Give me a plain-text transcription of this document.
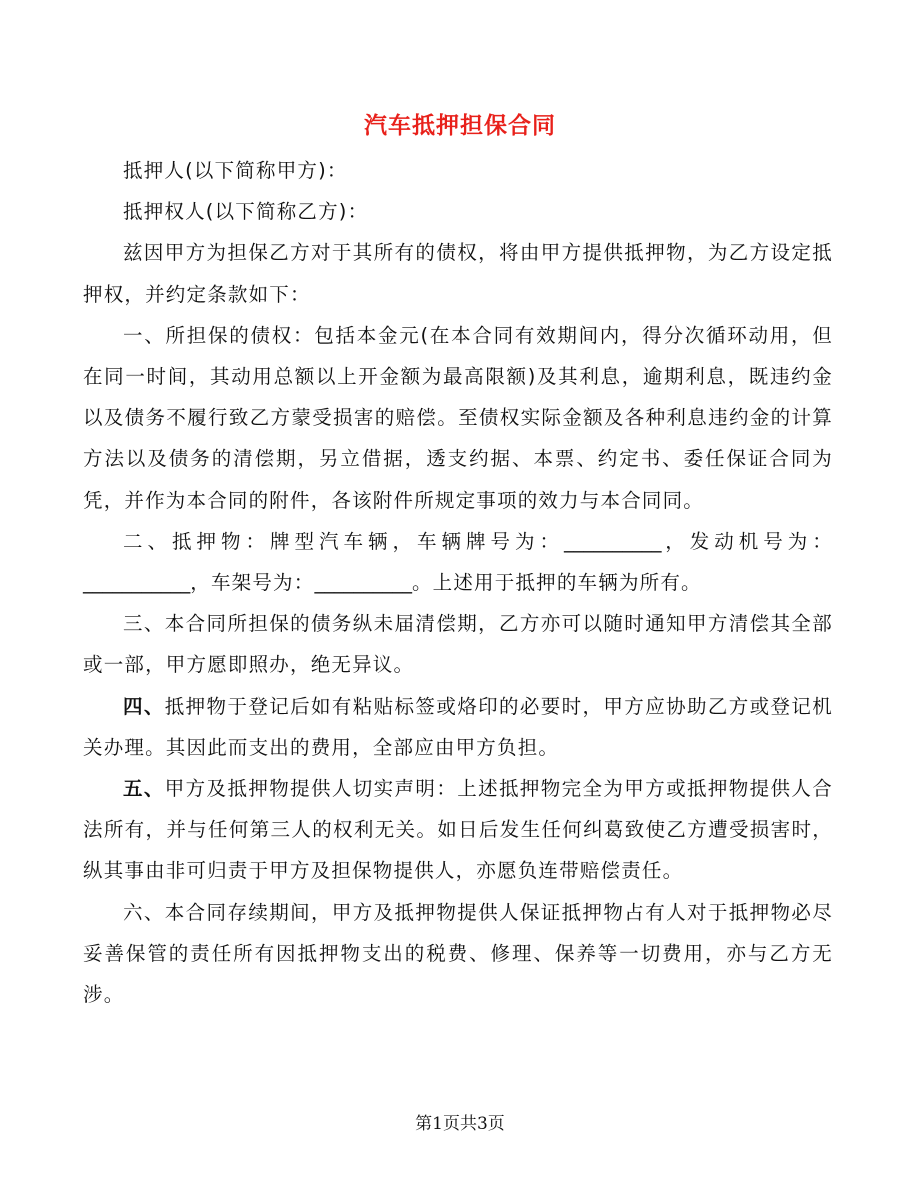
汽车抵押担保合同

抵押人(以下简称甲方)：

抵押权人(以下简称乙方)：

兹因甲方为担保乙方对于其所有的债权，将由甲方提供抵押物，为乙方设定抵押权，并约定条款如下：

一、所担保的债权：包括本金元(在本合同有效期间内，得分次循环动用，但在同一时间，其动用总额以上开金额为最高限额)及其利息，逾期利息，既违约金以及债务不履行致乙方蒙受损害的赔偿。至债权实际金额及各种利息违约金的计算方法以及债务的清偿期，另立借据，透支约据、本票、约定书、委任保证合同为凭，并作为本合同的附件，各该附件所规定事项的效力与本合同同。

二、抵押物：牌型汽车辆，车辆牌号为：__________，发动机号为：___________，车架号为：__________。上述用于抵押的车辆为所有。

三、本合同所担保的债务纵未届清偿期，乙方亦可以随时通知甲方清偿其全部或一部，甲方愿即照办，绝无异议。

四、抵押物于登记后如有粘贴标签或烙印的必要时，甲方应协助乙方或登记机关办理。其因此而支出的费用，全部应由甲方负担。

五、甲方及抵押物提供人切实声明：上述抵押物完全为甲方或抵押物提供人合法所有，并与任何第三人的权利无关。如日后发生任何纠葛致使乙方遭受损害时，纵其事由非可归责于甲方及担保物提供人，亦愿负连带赔偿责任。

六、本合同存续期间，甲方及抵押物提供人保证抵押物占有人对于抵押物必尽妥善保管的责任所有因抵押物支出的税费、修理、保养等一切费用，亦与乙方无涉。

第1页共3页
